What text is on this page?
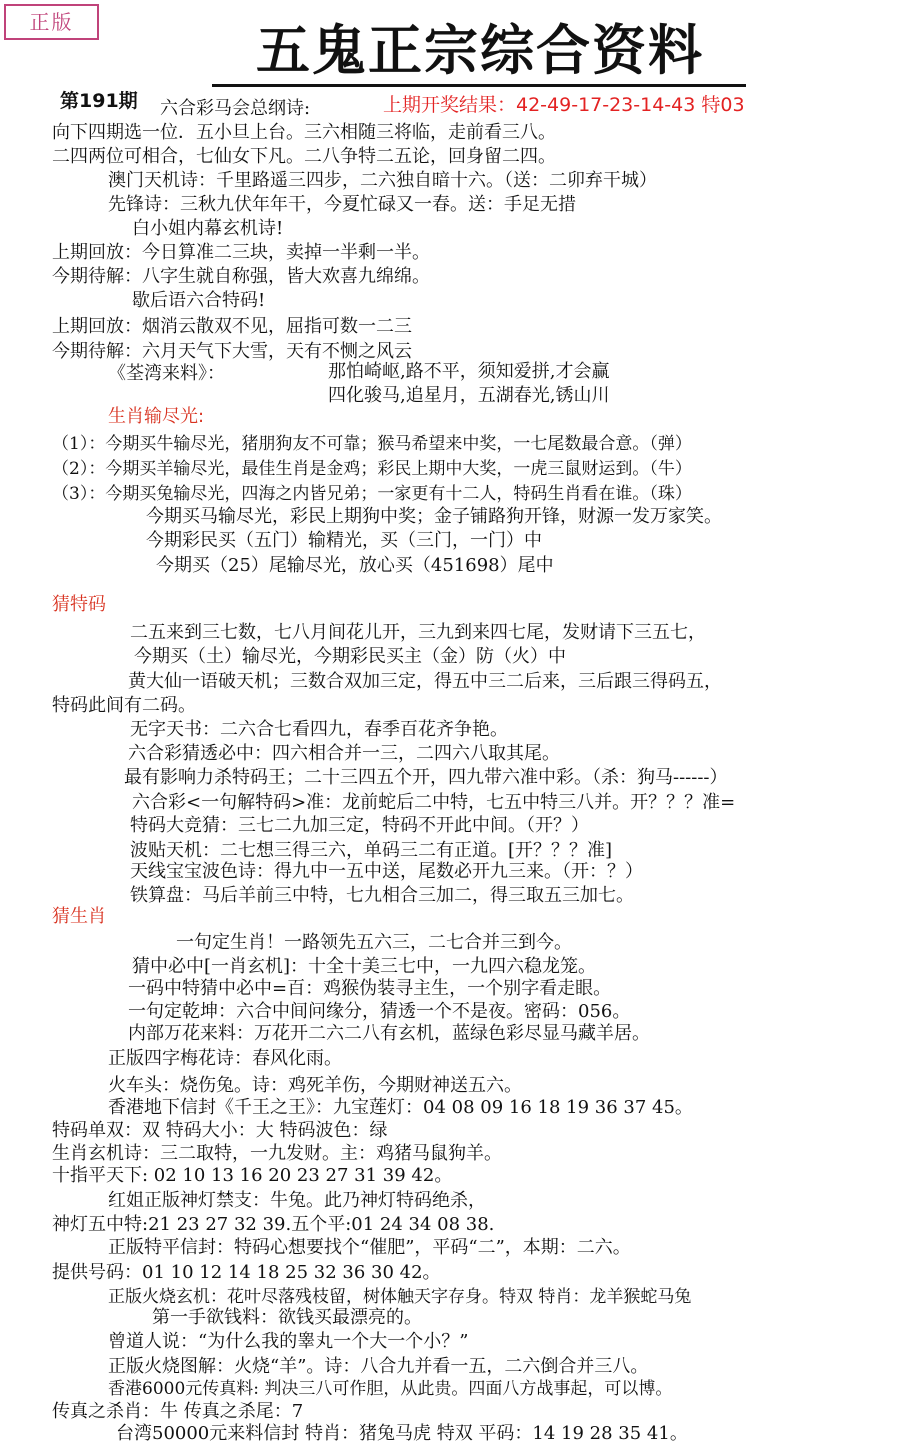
正版	五鬼正宗综合资料
第191期	上期开奖结果：42-49-17-23-14-43 特03
六合彩马会总纲诗:
向下四期选一位．五小旦上台。三六相随三将临，走前看三八。
二四两位可相合，七仙女下凡。二八争特二五论，回身留二四。
澳门天机诗：千里路遥三四步，二六独自暗十六。（送：二卯弃干城）
先锋诗：三秋九伏年年干，今夏忙碌又一春。送：手足无措
白小姐内幕玄机诗!
上期回放：今日算准二三块，卖掉一半剩一半。
今期待解：八字生就自称强，皆大欢喜九绵绵。
歇后语六合特码!
上期回放：烟消云散双不见，屈指可数一二三
今期待解：六月天气下大雪，天有不恻之风云
《荃湾来料》：	那怕崎岖,路不平，须知爱拼,才会赢
四化骏马,追星月，五湖春光,锈山川
生肖输尽光:
（1）：今期买牛输尽光，猪朋狗友不可靠；猴马希望来中奖，一七尾数最合意。（弹）
（2）：今期买羊输尽光，最佳生肖是金鸡；彩民上期中大奖，一虎三鼠财运到。（牛）
（3）：今期买兔输尽光，四海之内皆兄弟；一家更有十二人，特码生肖看在谁。（珠）
今期买马输尽光，彩民上期狗中奖；金子铺路狗开锋，财源一发万家笑。
今期彩民买（五门）输精光，买（三门，一门）中
今期买（25）尾输尽光，放心买（451698）尾中
猜特码
二五来到三七数，七八月间花儿开，三九到来四七尾，发财请下三五七，
今期买（土）输尽光，今期彩民买主（金）防（火）中
黄大仙一语破天机；三数合双加三定，得五中三二后来，三后跟三得码五，
特码此间有二码。
无字天书：二六合七看四九，春季百花齐争艳。
六合彩猜透必中：四六相合并一三，二四六八取其尾。
最有影响力杀特码王；二十三四五个开，四九带六准中彩。（杀：狗马------）
六合彩<一句解特码>准：龙前蛇后二中特，七五中特三八并。开？？？准=
特码大竞猜：三七二九加三定，特码不开此中间。（开？）
波贴天机：二七想三得三六，单码三二有正道。[开？？？准]
天线宝宝波色诗：得九中一五中送，尾数必开九三来。（开：？）
铁算盘：马后羊前三中特，七九相合三加二，得三取五三加七。
猜生肖
一句定生肖！一路领先五六三，二七合并三到今。
猜中必中[一肖玄机]：十全十美三七中，一九四六稳龙笼。
一码中特猜中必中=百：鸡猴伪装寻主生，一个别字看走眼。
一句定乾坤：六合中间问缘分，猜透一个不是夜。密码：056。
内部万花来料：万花开二六二八有玄机，蓝绿色彩尽显马藏羊居。
正版四字梅花诗：春风化雨。
火车头：烧伤兔。诗：鸡死羊伤，今期财神送五六。
香港地下信封《千王之王》：九宝莲灯：04 08 09 16 18 19 36 37 45。
特码单双：双 特码大小：大 特码波色：绿
生肖玄机诗：三二取特，一九发财。主：鸡猪马鼠狗羊。
十指平天下: 02 10 13 16 20 23 27 31 39 42。
红姐正版神灯禁支：牛兔。此乃神灯特码绝杀，
神灯五中特:21 23 27 32 39.五个平:01 24 34 08 38.
正版特平信封：特码心想要找个“催肥”，平码“二”，本期：二六。
提供号码：01 10 12 14 18 25 32 36 30 42。
正版火烧玄机：花叶尽落残枝留，树体触天字存身。特双 特肖：龙羊猴蛇马兔
第一手欲钱料：欲钱买最漂亮的。
曾道人说：“为什么我的睾丸一个大一个小？”
正版火烧图解：火烧“羊”。诗：八合九并看一五，二六倒合并三八。
香港6000元传真料: 判决三八可作胆，从此贵。四面八方战事起，可以博。
传真之杀肖：牛 传真之杀尾：7
台湾50000元来料信封 特肖：猪兔马虎 特双 平码：14 19 28 35 41。
